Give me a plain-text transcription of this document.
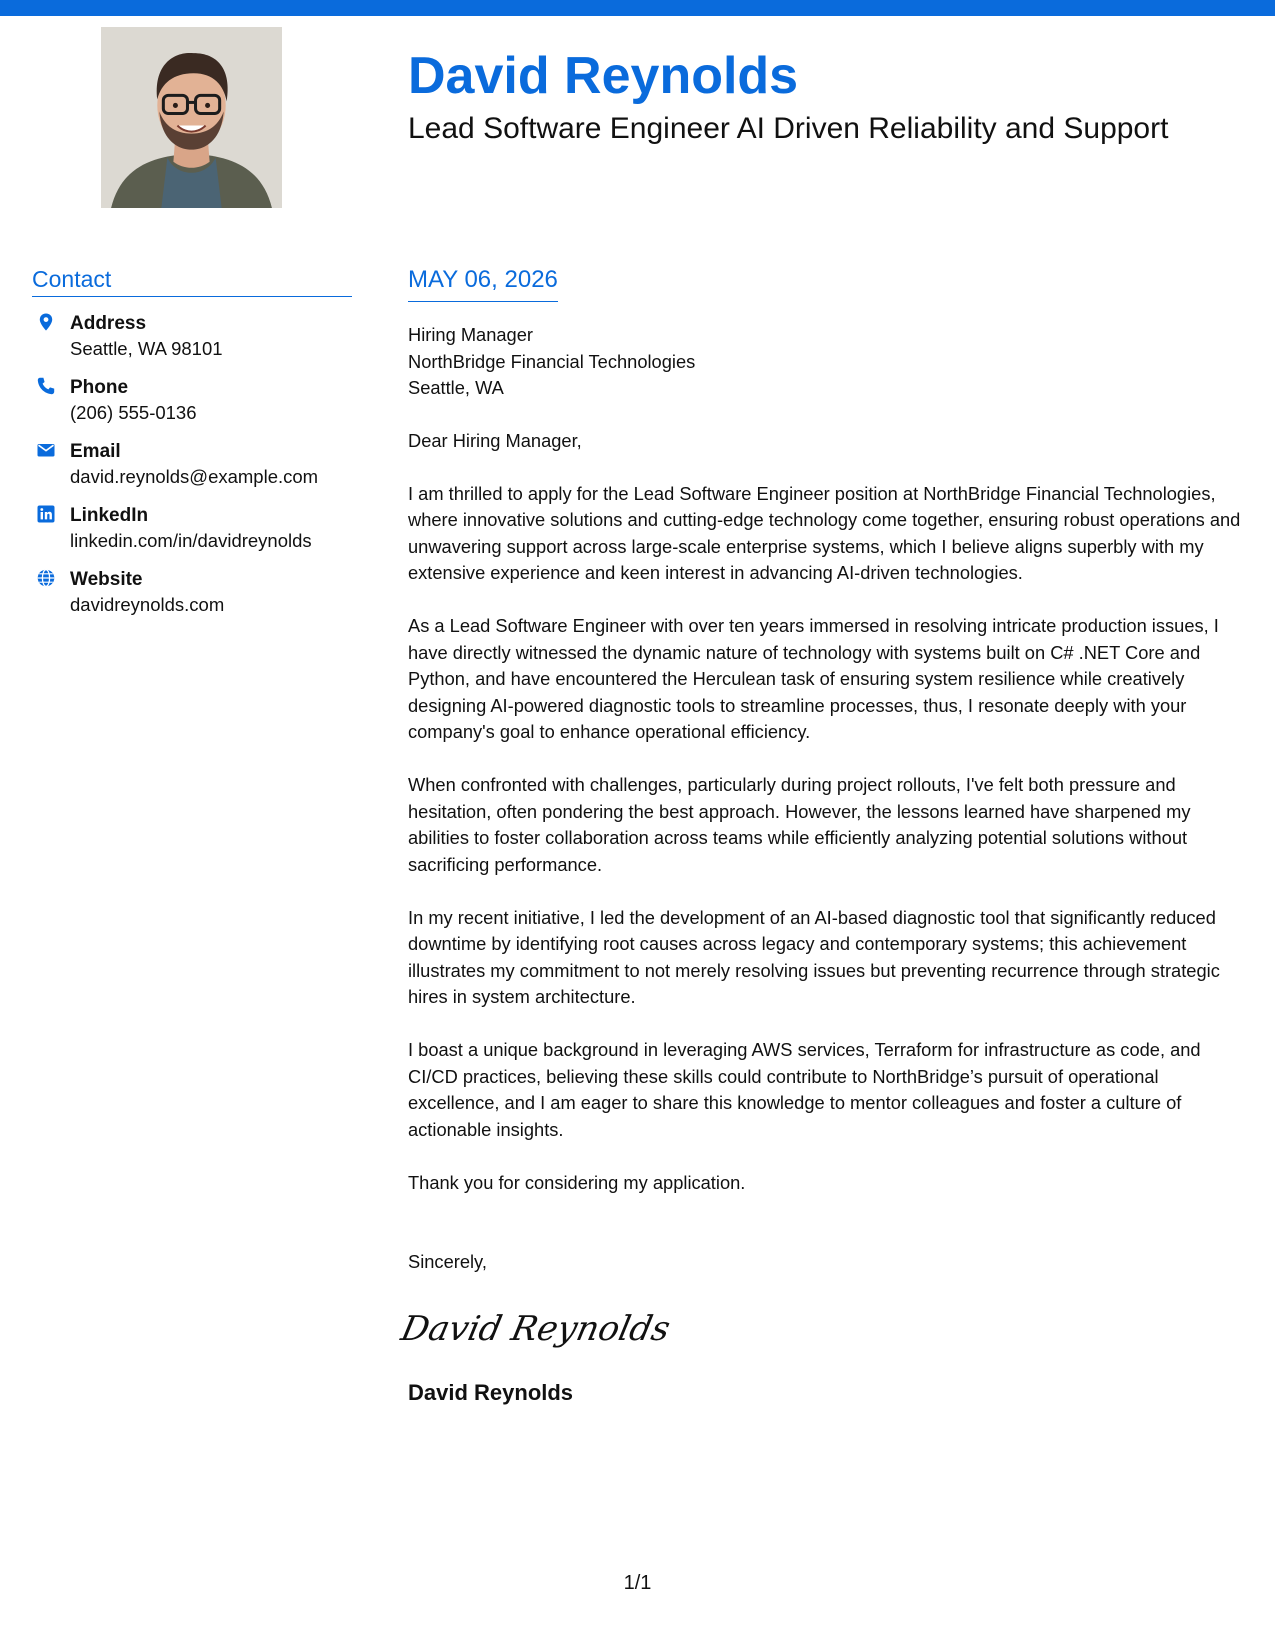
David Reynolds
Lead Software Engineer AI Driven Reliability and Support
Contact
Address
Seattle, WA 98101
Phone
(206) 555-0136
Email
david.reynolds@example.com
LinkedIn
linkedin.com/in/davidreynolds
Website
davidreynolds.com
MAY 06, 2026
Hiring Manager
NorthBridge Financial Technologies
Seattle, WA

Dear Hiring Manager,

I am thrilled to apply for the Lead Software Engineer position at NorthBridge Financial Technologies, where innovative solutions and cutting-edge technology come together, ensuring robust operations and unwavering support across large-scale enterprise systems, which I believe aligns superbly with my extensive experience and keen interest in advancing AI-driven technologies.

As a Lead Software Engineer with over ten years immersed in resolving intricate production issues, I have directly witnessed the dynamic nature of technology with systems built on C# .NET Core and Python, and have encountered the Herculean task of ensuring system resilience while creatively designing AI-powered diagnostic tools to streamline processes, thus, I resonate deeply with your company's goal to enhance operational efficiency.

When confronted with challenges, particularly during project rollouts, I've felt both pressure and hesitation, often pondering the best approach. However, the lessons learned have sharpened my abilities to foster collaboration across teams while efficiently analyzing potential solutions without sacrificing performance.

In my recent initiative, I led the development of an AI-based diagnostic tool that significantly reduced downtime by identifying root causes across legacy and contemporary systems; this achievement illustrates my commitment to not merely resolving issues but preventing recurrence through strategic hires in system architecture.

I boast a unique background in leveraging AWS services, Terraform for infrastructure as code, and CI/CD practices, believing these skills could contribute to NorthBridge’s pursuit of operational excellence, and I am eager to share this knowledge to mentor colleagues and foster a culture of actionable insights.

Thank you for considering my application.

Sincerely,

David Reynolds
David Reynolds
1/1
